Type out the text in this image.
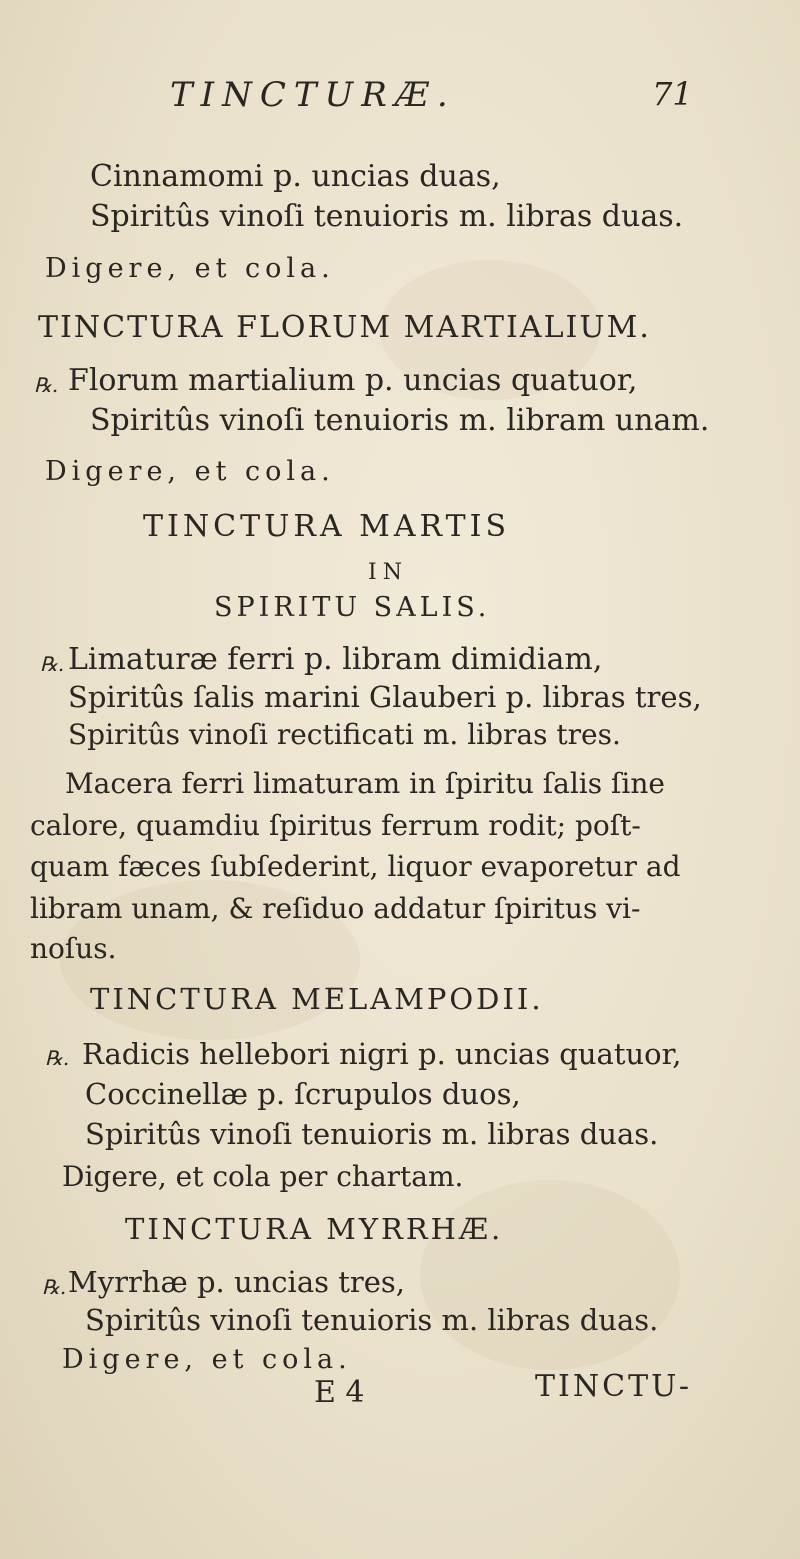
TINCTURÆ.	71
Cinnamomi p. uncias duas,
Spiritûs vinoſi tenuioris m. libras duas.
Digere, et cola.
TINCTURA FLORUM MARTIALIUM.
℞. Florum martialium p. uncias quatuor,
Spiritûs vinoſi tenuioris m. libram unam.
Digere, et cola.
TINCTURA MARTIS
IN
SPIRITU SALIS.
℞. Limaturæ ferri p. libram dimidiam,
Spiritûs ſalis marini Glauberi p. libras tres,
Spiritûs vinoſi rectificati m. libras tres.
Macera ferri limaturam in ſpiritu ſalis ſine
calore, quamdiu ſpiritus ferrum rodit; poſt-
quam fæces ſubſederint, liquor evaporetur ad
libram unam, & reſiduo addatur ſpiritus vi-
noſus.
TINCTURA MELAMPODII.
℞. Radicis hellebori nigri p. uncias quatuor,
Coccinellæ p. ſcrupulos duos,
Spiritûs vinoſi tenuioris m. libras duas.
Digere, et cola per chartam.
TINCTURA MYRRHÆ.
℞. Myrrhæ p. uncias tres,
Spiritûs vinoſi tenuioris m. libras duas.
Digere, et cola.
E 4	TINCTU-
